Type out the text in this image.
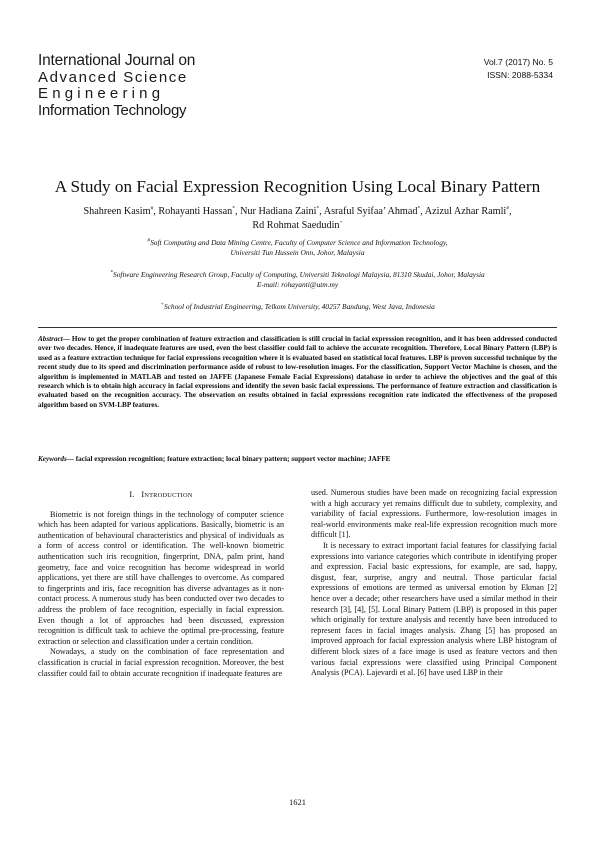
International Journal on
Advanced Science
Engineering
Information Technology
Vol.7 (2017) No. 5
ISSN: 2088-5334
A Study on Facial Expression Recognition Using Local Binary Pattern
Shahreen Kasim#, Rohayanti Hassan*, Nur Hadiana Zaini*, Asraful Syifaa’ Ahmad*, Azizul Azhar Ramli#,
Rd Rohmat Saedudin+
#Soft Computing and Data Mining Centre, Faculty of Computer Science and Information Technology,
Universiti Tun Hussein Onn, Johor, Malaysia
*Software Engineering Research Group, Faculty of Computing, Universiti Teknologi Malaysia, 81310 Skudai, Johor, Malaysia
E-mail: rohayanti@utm.my
+School of Industrial Engineering, Telkom University, 40257 Bandung, West Java, Indonesia
Abstract— How to get the proper combination of feature extraction and classification is still crucial in facial expression recognition, and it has been addressed conducted over two decades. Hence, if inadequate features are used, even the best classifier could fail to achieve the accurate recognition. Therefore, Local Binary Pattern (LBP) is used as a feature extraction technique for facial expressions recognition where it is evaluated based on statistical local features. LBP is proven successful technique by the recent study due to its speed and discrimination performance aside of robust to low-resolution images. For the classification, Support Vector Machine is chosen, and the algorithm is implemented in MATLAB and tested on JAFFE (Japanese Female Facial Expressions) database in order to achieve the objectives and the goal of this research which is to obtain high accuracy in facial expressions and identify the seven basic facial expressions. The performance of feature extraction and classification is evaluated based on the recognition accuracy. The observation on results obtained in facial expressions recognition rate indicated the effectiveness of the proposed algorithm based on SVM-LBP features.
Keywords— facial expression recognition; feature extraction; local binary pattern; support vector machine; JAFFE
I. INTRODUCTION

Biometric is not foreign things in the technology of computer science which has been adapted for various applications. Basically, biometric is an authentication of behavioural characteristics and physical of individuals as a form of access control or identification. The well-known biometric authentication such iris recognition, fingerprint, DNA, palm print, hand geometry, face and voice recognition has become widespread in world applications, yet there are still have challenges to overcome. As compared to fingerprints and iris, face recognition has diverse advantages as it non-contact process. A numerous study has been conducted over two decades to address the problem of face recognition, especially in facial expression. Even though a lot of approaches had been discussed, expression recognition is difficult task to achieve the optimal pre-processing, feature extraction or selection and classification under a certain condition.

Nowadays, a study on the combination of face representation and classification is crucial in facial expression recognition. Moreover, the best classifier could fail to obtain accurate recognition if inadequate features are

used. Numerous studies have been made on recognizing facial expression with a high accuracy yet remains difficult due to subtlety, complexity, and variability of facial expressions. Furthermore, low-resolution images in real-world environments make real-life expression recognition much more difficult [1].

It is necessary to extract important facial features for classifying facial expressions into variance categories which contribute in identifying proper and expression. Facial basic expressions, for example, are sad, happy, disgust, fear, surprise, angry and neutral. Those particular facial expressions of emotions are termed as universal emotion by Ekman [2] hence over a decade; other researchers have used a similar method in their research [3], [4], [5]. Local Binary Pattern (LBP) is proposed in this paper which originally for texture analysis and recently have been introduced to represent faces in facial images analysis. Zhang [5] has proposed an improved approach for facial expression analysis where LBP histogram of different block sizes of a face image is used as feature vectors and then various facial expressions were classified using Principal Component Analysis (PCA). Lajevardi et al. [6] have used LBP in their

1621
